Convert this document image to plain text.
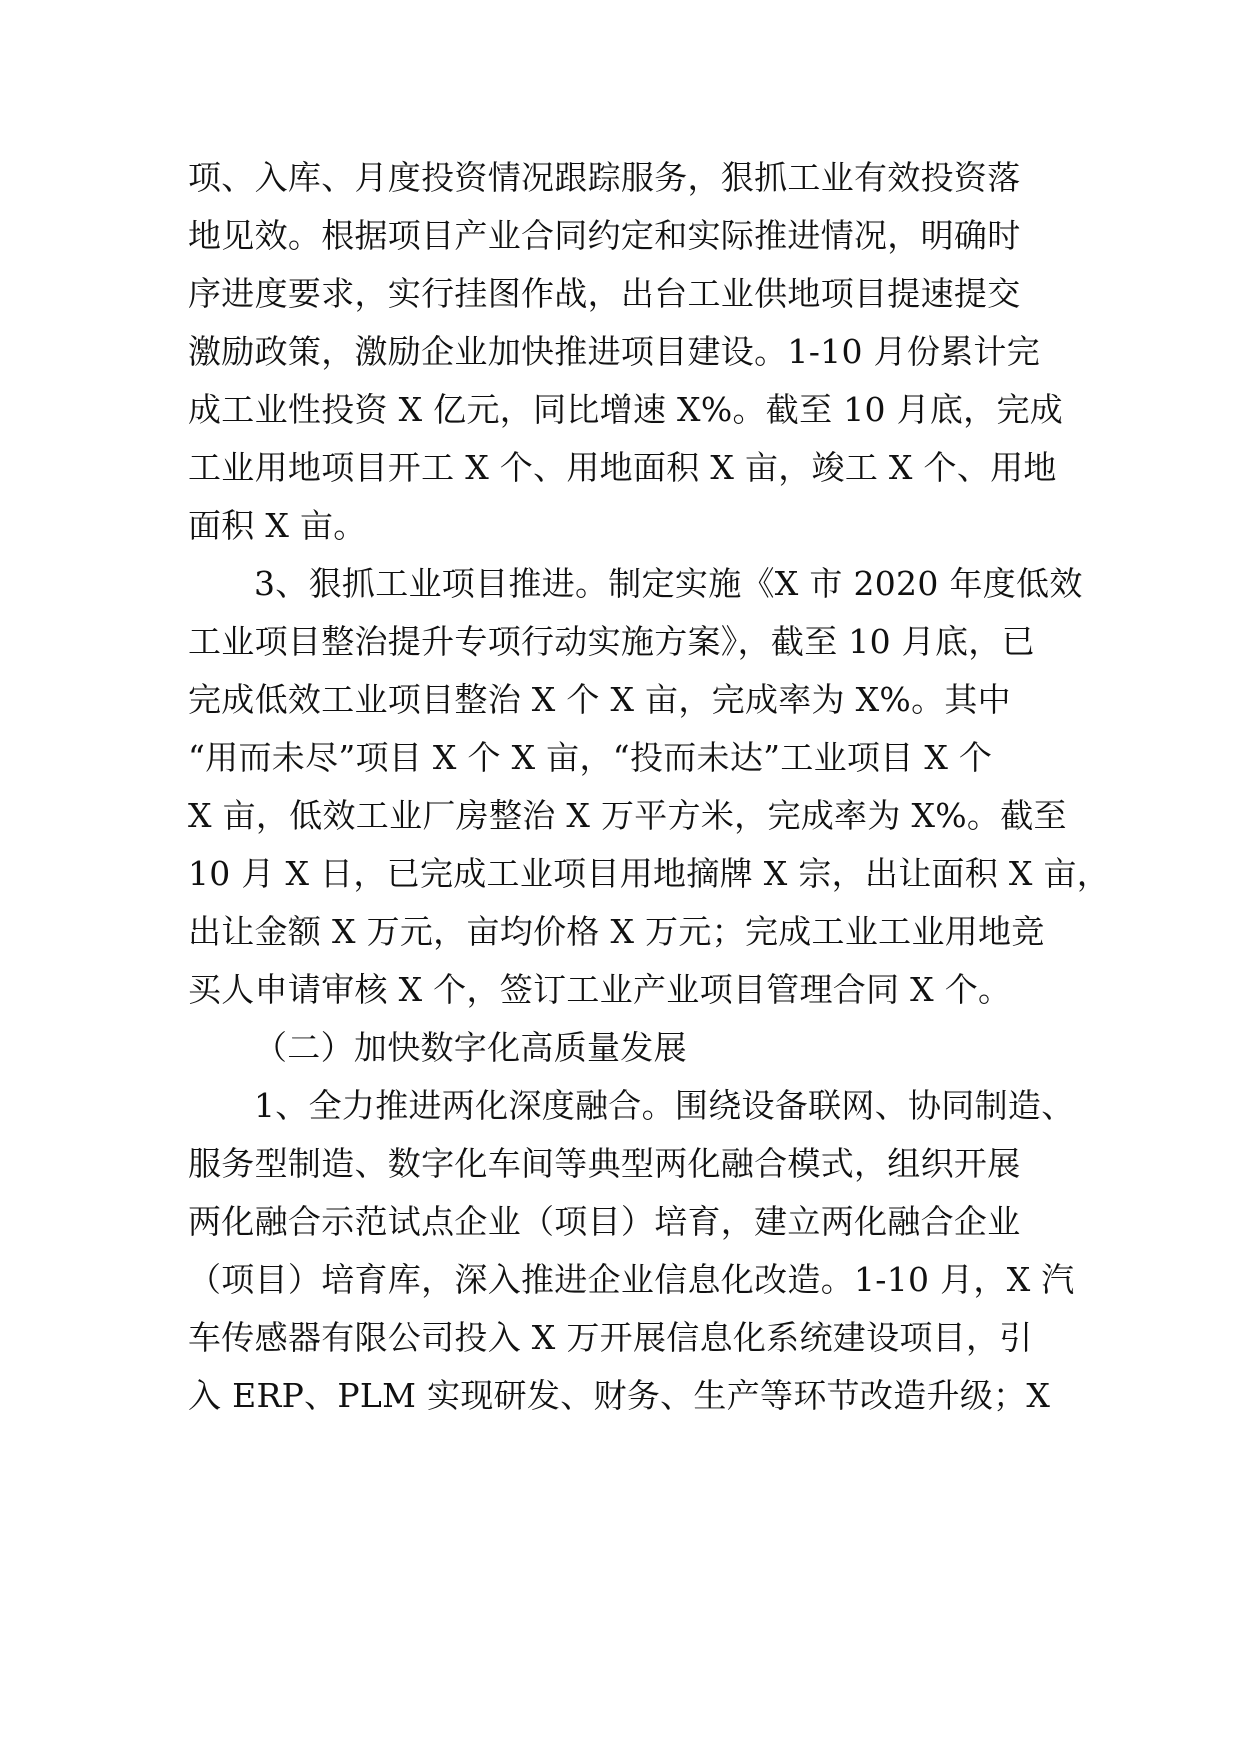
项、入库、月度投资情况跟踪服务，狠抓工业有效投资落
地见效。根据项目产业合同约定和实际推进情况，明确时
序进度要求，实行挂图作战，出台工业供地项目提速提交
激励政策，激励企业加快推进项目建设。1-10 月份累计完
成工业性投资 X 亿元，同比增速 X%。截至 10 月底，完成
工业用地项目开工 X 个、用地面积 X 亩，竣工 X 个、用地
面积 X 亩。
3、狠抓工业项目推进。制定实施《X 市 2020 年度低效
工业项目整治提升专项行动实施方案》，截至 10 月底，已
完成低效工业项目整治 X 个 X 亩，完成率为 X%。其中
“用而未尽”项目 X 个 X 亩，“投而未达”工业项目 X 个
X 亩，低效工业厂房整治 X 万平方米，完成率为 X%。截至
10 月 X 日，已完成工业项目用地摘牌 X 宗，出让面积 X 亩，
出让金额 X 万元，亩均价格 X 万元；完成工业工业用地竞
买人申请审核 X 个，签订工业产业项目管理合同 X 个。
（二）加快数字化高质量发展
1、全力推进两化深度融合。围绕设备联网、协同制造、
服务型制造、数字化车间等典型两化融合模式，组织开展
两化融合示范试点企业（项目）培育，建立两化融合企业
（项目）培育库，深入推进企业信息化改造。1-10 月，X 汽
车传感器有限公司投入 X 万开展信息化系统建设项目，引
入 ERP、PLM 实现研发、财务、生产等环节改造升级；X
